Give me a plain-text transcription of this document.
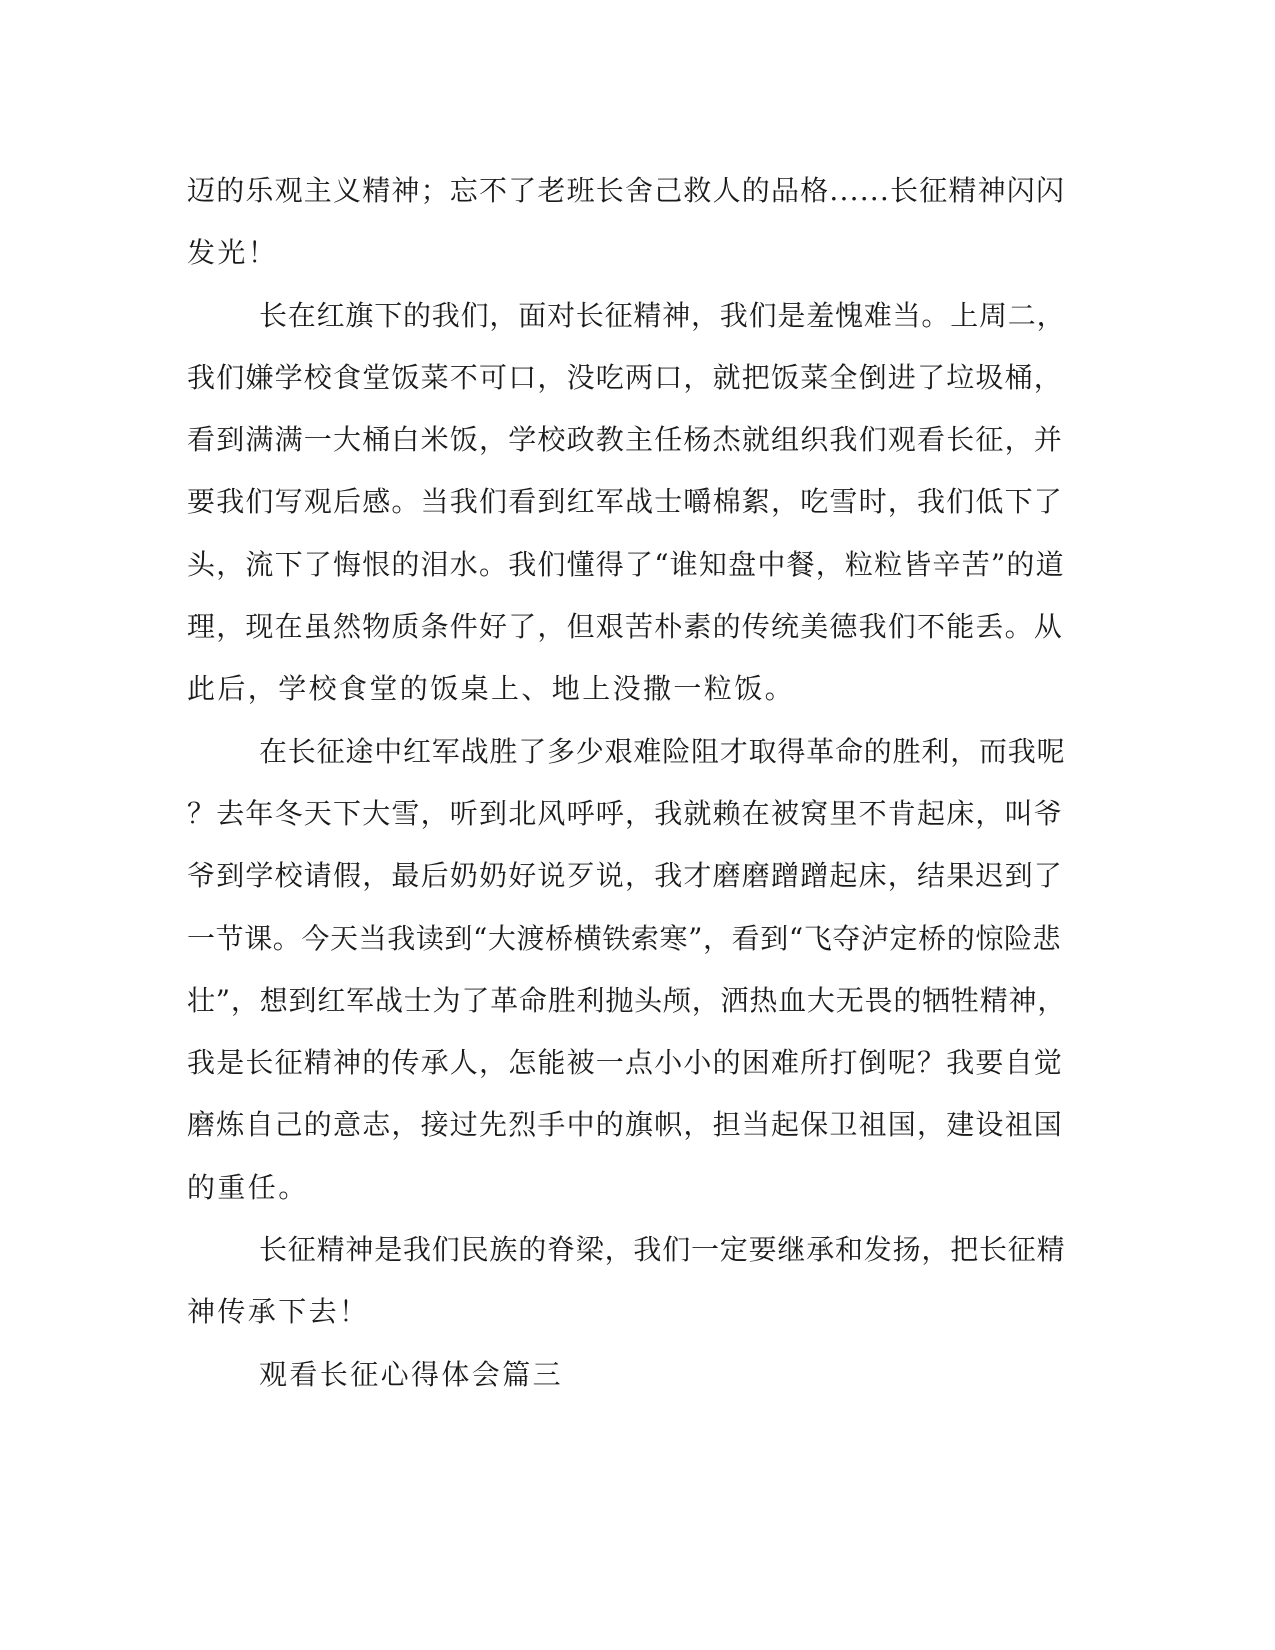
迈的乐观主义精神；忘不了老班长舍己救人的品格......长征精神闪闪
发光！
长在红旗下的我们，面对长征精神，我们是羞愧难当。上周二，
我们嫌学校食堂饭菜不可口，没吃两口，就把饭菜全倒进了垃圾桶，
看到满满一大桶白米饭，学校政教主任杨杰就组织我们观看长征，并
要我们写观后感。当我们看到红军战士嚼棉絮，吃雪时，我们低下了
头，流下了悔恨的泪水。我们懂得了“谁知盘中餐，粒粒皆辛苦”的道
理，现在虽然物质条件好了，但艰苦朴素的传统美德我们不能丢。从
此后，学校食堂的饭桌上、地上没撒一粒饭。
在长征途中红军战胜了多少艰难险阻才取得革命的胜利，而我呢
？去年冬天下大雪，听到北风呼呼，我就赖在被窝里不肯起床，叫爷
爷到学校请假，最后奶奶好说歹说，我才磨磨蹭蹭起床，结果迟到了
一节课。今天当我读到“大渡桥横铁索寒”，看到“飞夺泸定桥的惊险悲
壮”，想到红军战士为了革命胜利抛头颅，洒热血大无畏的牺牲精神，
我是长征精神的传承人，怎能被一点小小的困难所打倒呢？我要自觉
磨炼自己的意志，接过先烈手中的旗帜，担当起保卫祖国，建设祖国
的重任。
长征精神是我们民族的脊梁，我们一定要继承和发扬，把长征精
神传承下去！
观看长征心得体会篇三
